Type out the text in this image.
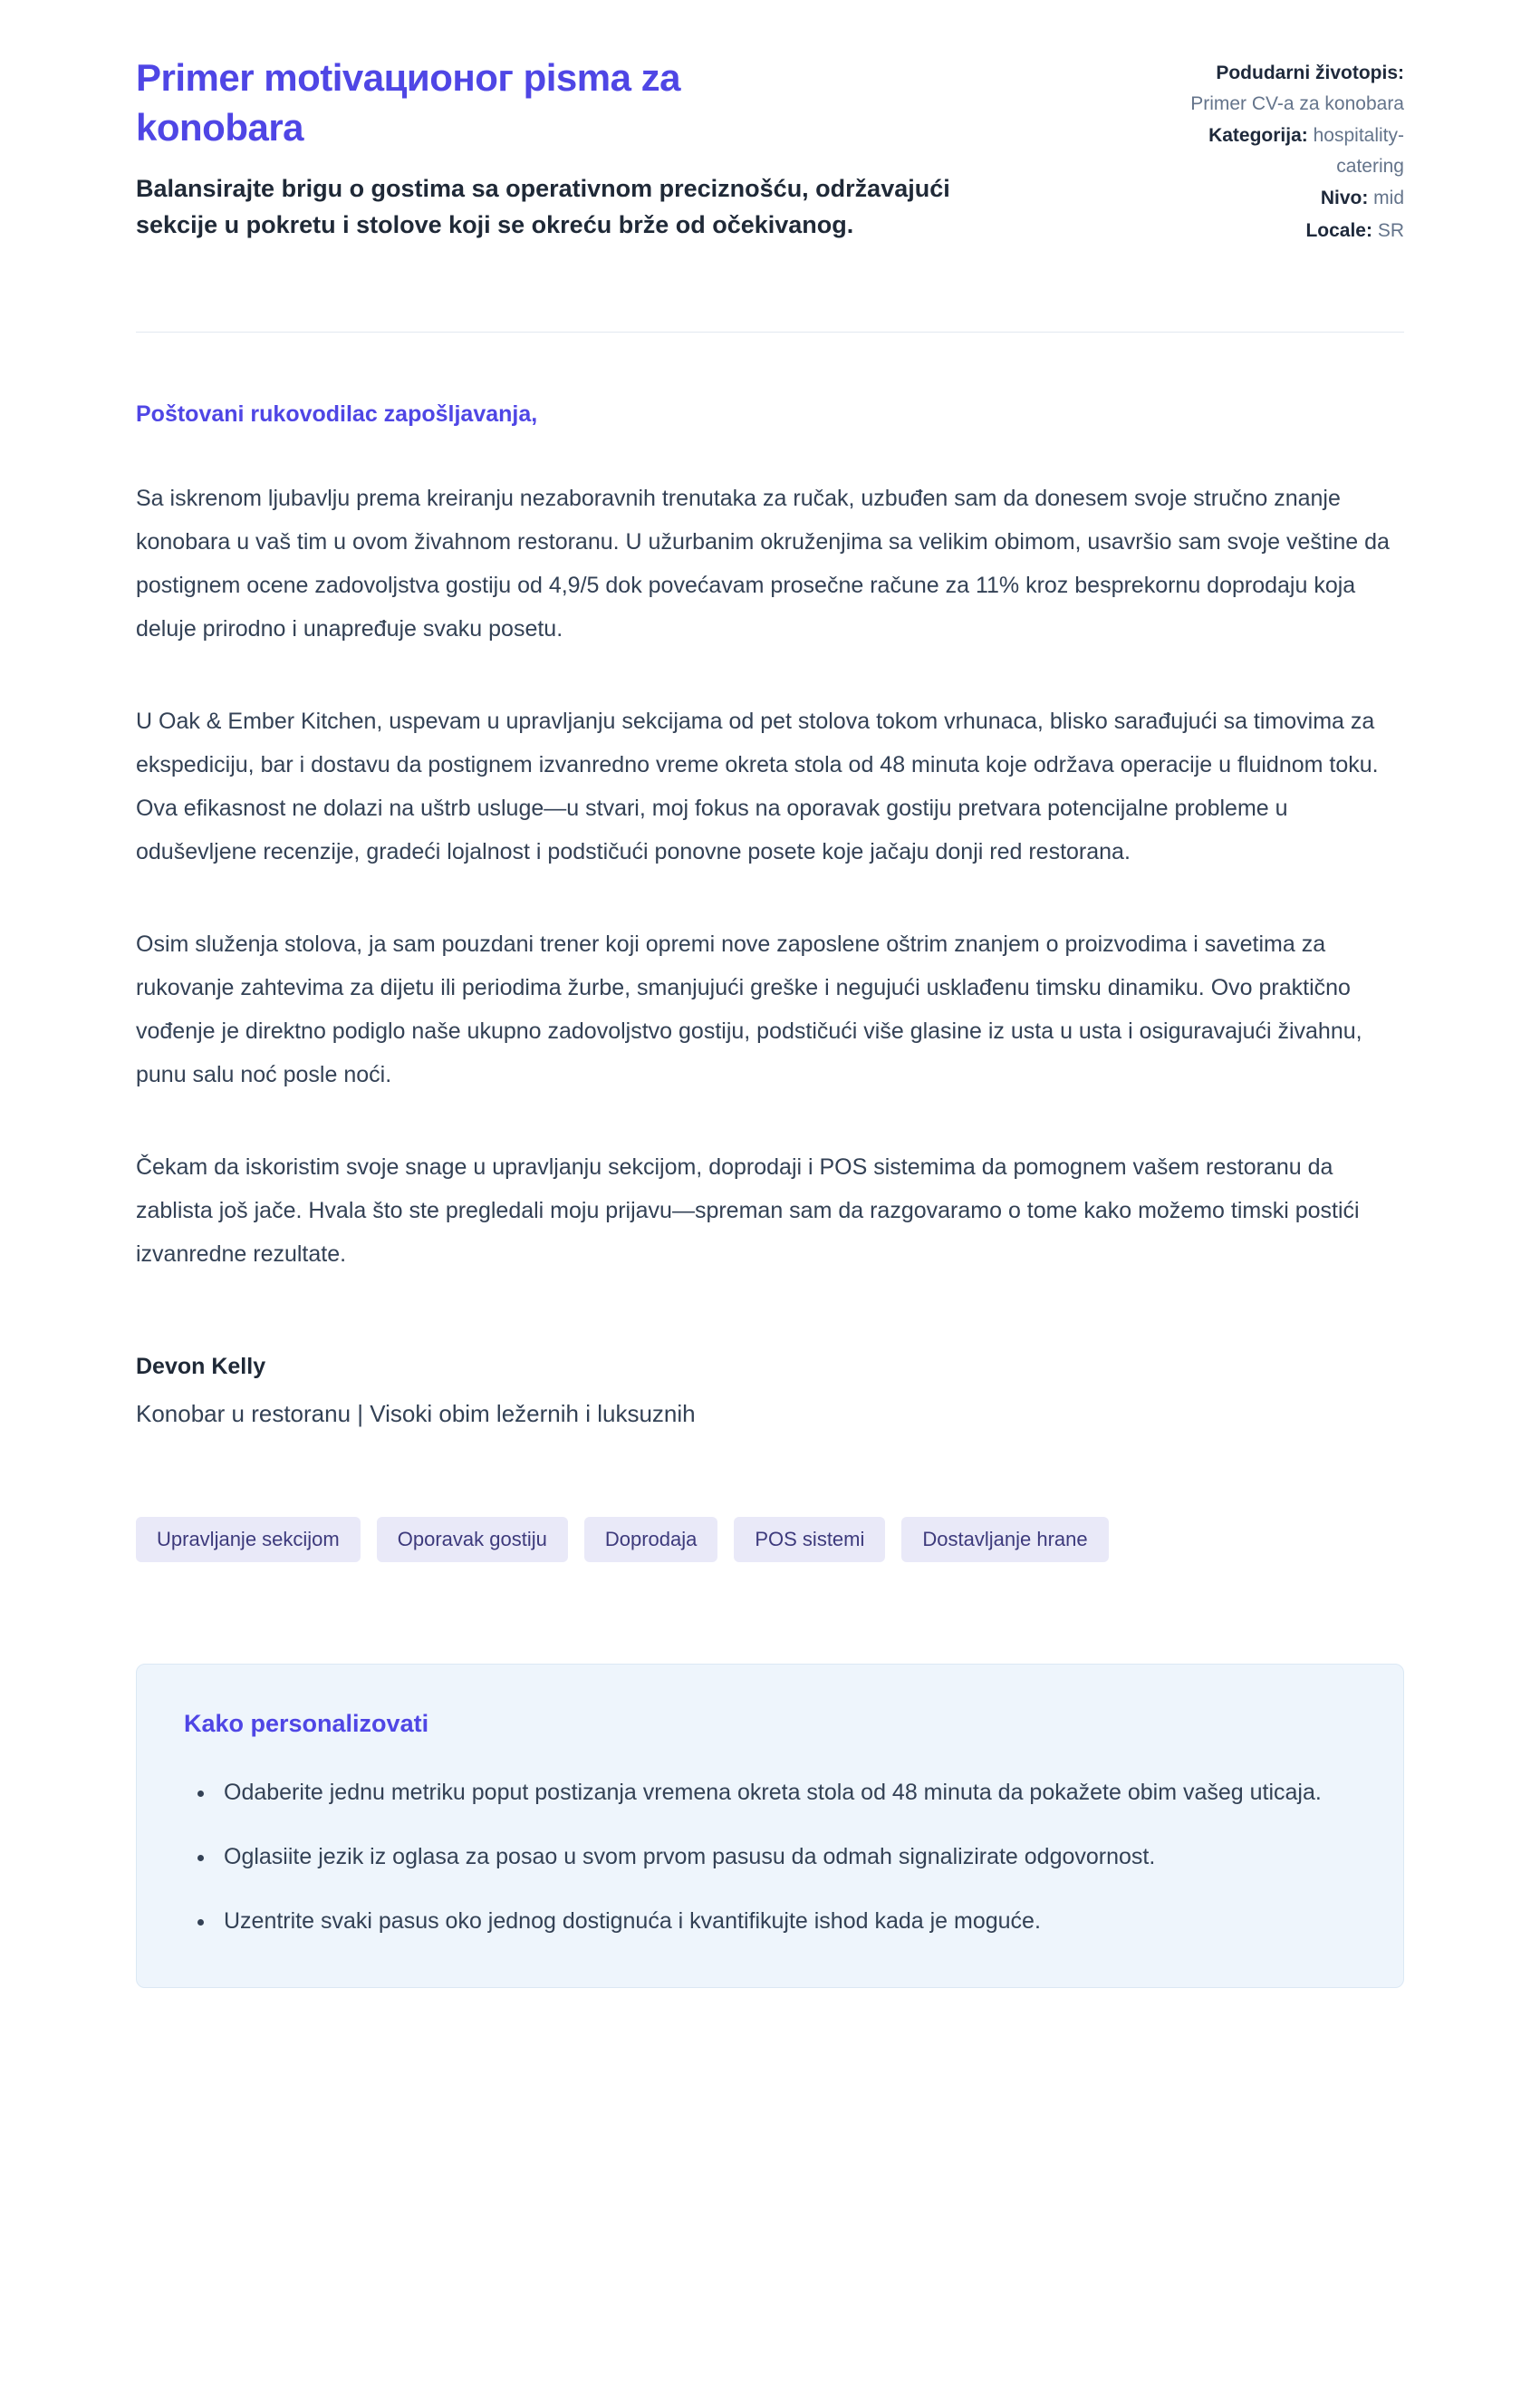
Primer motivационог pisma za konobara
Balansirajte brigu o gostima sa operativnom preciznošću, održavajući sekcije u pokretu i stolove koji se okreću brže od očekivanog.
Podudarni životopis: Primer CV-a za konobara
Kategorija: hospitality-catering
Nivo: mid
Locale: SR

Poštovani rukovodilac zapošljavanja,

Sa iskrenom ljubavlju prema kreiranju nezaboravnih trenutaka za ručak, uzbuđen sam da donesem svoje stručno znanje konobara u vaš tim u ovom živahnom restoranu. U užurbanim okruženjima sa velikim obimom, usavršio sam svoje veštine da postignem ocene zadovoljstva gostiju od 4,9/5 dok povećavam prosečne račune za 11% kroz besprekornu doprodaju koja deluje prirodno i unapređuje svaku posetu.

U Oak & Ember Kitchen, uspevam u upravljanju sekcijama od pet stolova tokom vrhunaca, blisko sarađujući sa timovima za ekspediciju, bar i dostavu da postignem izvanredno vreme okreta stola od 48 minuta koje održava operacije u fluidnom toku. Ova efikasnost ne dolazi na uštrb usluge—u stvari, moj fokus na oporavak gostiju pretvara potencijalne probleme u oduševljene recenzije, gradeći lojalnost i podstičući ponovne posete koje jačaju donji red restorana.

Osim služenja stolova, ja sam pouzdani trener koji opremi nove zaposlene oštrim znanjem o proizvodima i savetima za rukovanje zahtevima za dijetu ili periodima žurbe, smanjujući greške i negujući usklađenu timsku dinamiku. Ovo praktično vođenje je direktno podiglo naše ukupno zadovoljstvo gostiju, podstičući više glasine iz usta u usta i osiguravajući živahnu, punu salu noć posle noći.

Čekam da iskoristim svoje snage u upravljanju sekcijom, doprodaji i POS sistemima da pomognem vašem restoranu da zablista još jače. Hvala što ste pregledali moju prijavu—spreman sam da razgovaramo o tome kako možemo timski postići izvanredne rezultate.

Devon Kelly

Konobar u restoranu | Visoki obim ležernih i luksuznih

Upravljanje sekcijom	Oporavak gostiju	Doprodaja	POS sistemi	Dostavljanje hrane
Kako personalizovati
• Odaberite jednu metriku poput postizanja vremena okreta stola od 48 minuta da pokažete obim vašeg uticaja.
• Oglasiite jezik iz oglasa za posao u svom prvom pasusu da odmah signalizirate odgovornost.
• Uzentrite svaki pasus oko jednog dostignuća i kvantifikujte ishod kada je moguće.
